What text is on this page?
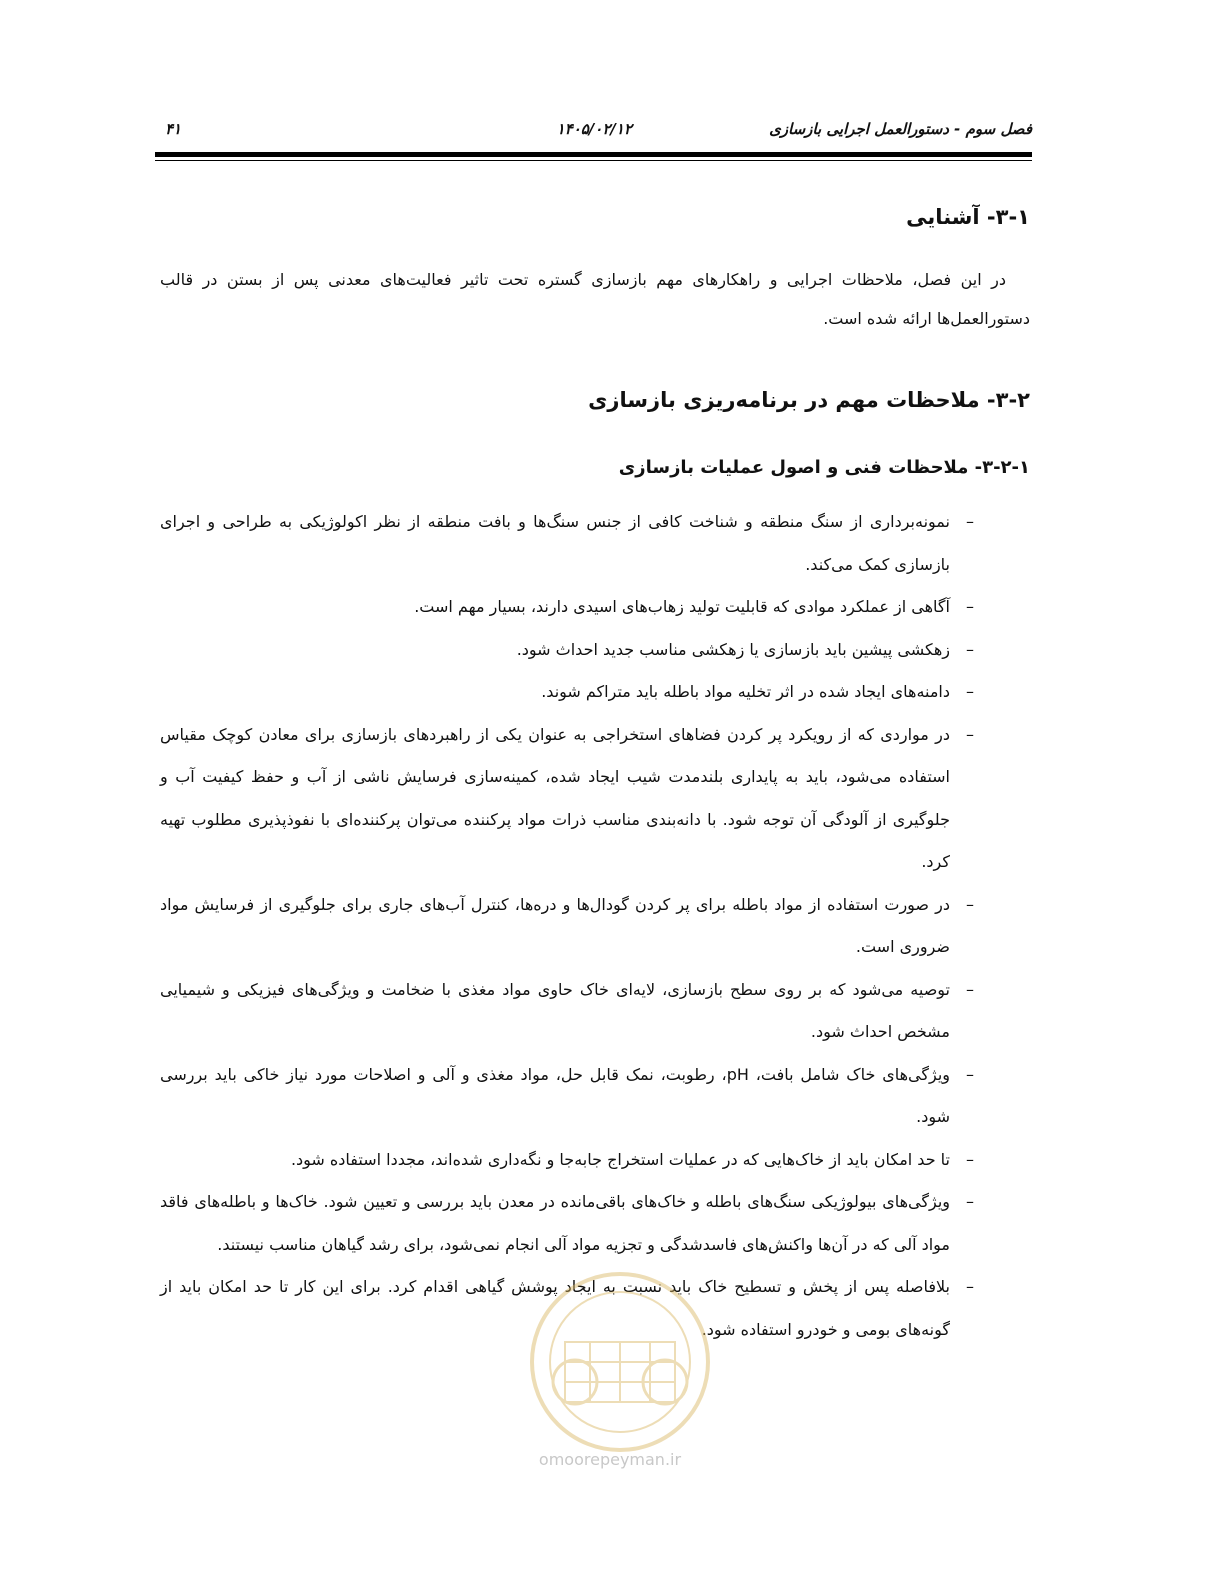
فصل سوم - دستورالعمل اجرایی بازسازی
۱۴۰۵/۰۲/۱۲
۴۱
۳-۱- آشنایی

در این فصل، ملاحظات اجرایی و راهکارهای مهم بازسازی گستره تحت تاثیر فعالیت‌های معدنی پس از بستن در قالب دستورالعمل‌ها ارائه شده است.

۳-۲- ملاحظات مهم در برنامه‌ریزی بازسازی
۳-۲-۱- ملاحظات فنی و اصول عملیات بازسازی
–
نمونه‌برداری از سنگ منطقه و شناخت کافی از جنس سنگ‌ها و بافت منطقه از نظر اکولوژیکی به طراحی و اجرای بازسازی کمک می‌کند.
–
آگاهی از عملکرد موادی که قابلیت تولید زهاب‌های اسیدی دارند، بسیار مهم است.
–
زهکشی پیشین باید بازسازی یا زهکشی مناسب جدید احداث شود.
–
دامنه‌های ایجاد شده در اثر تخلیه مواد باطله باید متراکم شوند.
–
در مواردی که از رویکرد پر کردن فضاهای استخراجی به عنوان یکی از راهبردهای بازسازی برای معادن کوچک مقیاس استفاده می‌شود، باید به پایداری بلندمدت شیب ایجاد شده، کمینه‌سازی فرسایش ناشی از آب و حفظ کیفیت آب و جلوگیری از آلودگی آن توجه شود. با دانه‌بندی مناسب ذرات مواد پرکننده می‌توان پرکننده‌ای با نفوذپذیری مطلوب تهیه کرد.
–
در صورت استفاده از مواد باطله برای پر کردن گودال‌ها و دره‌ها، کنترل آب‌های جاری برای جلوگیری از فرسایش مواد ضروری است.
–
توصیه می‌شود که بر روی سطح بازسازی، لایه‌ای خاک حاوی مواد مغذی با ضخامت و ویژگی‌های فیزیکی و شیمیایی مشخص احداث شود.
–
ویژگی‌های خاک شامل بافت، pH، رطوبت، نمک قابل حل، مواد مغذی و آلی و اصلاحات مورد نیاز خاکی باید بررسی شود.
–
تا حد امکان باید از خاک‌هایی که در عملیات استخراج جابه‌جا و نگه‌داری شده‌اند، مجددا استفاده شود.
–
ویژگی‌های بیولوژیکی سنگ‌های باطله و خاک‌های باقی‌مانده در معدن باید بررسی و تعیین شود. خاک‌ها و باطله‌های فاقد مواد آلی که در آن‌ها واکنش‌های فاسدشدگی و تجزیه مواد آلی انجام نمی‌شود، برای رشد گیاهان مناسب نیستند.
–
بلافاصله پس از پخش و تسطیح خاک باید نسبت به ایجاد پوشش گیاهی اقدام کرد. برای این کار تا حد امکان باید از گونه‌های بومی و خودرو استفاده شود.
omoorepeyman.ir
